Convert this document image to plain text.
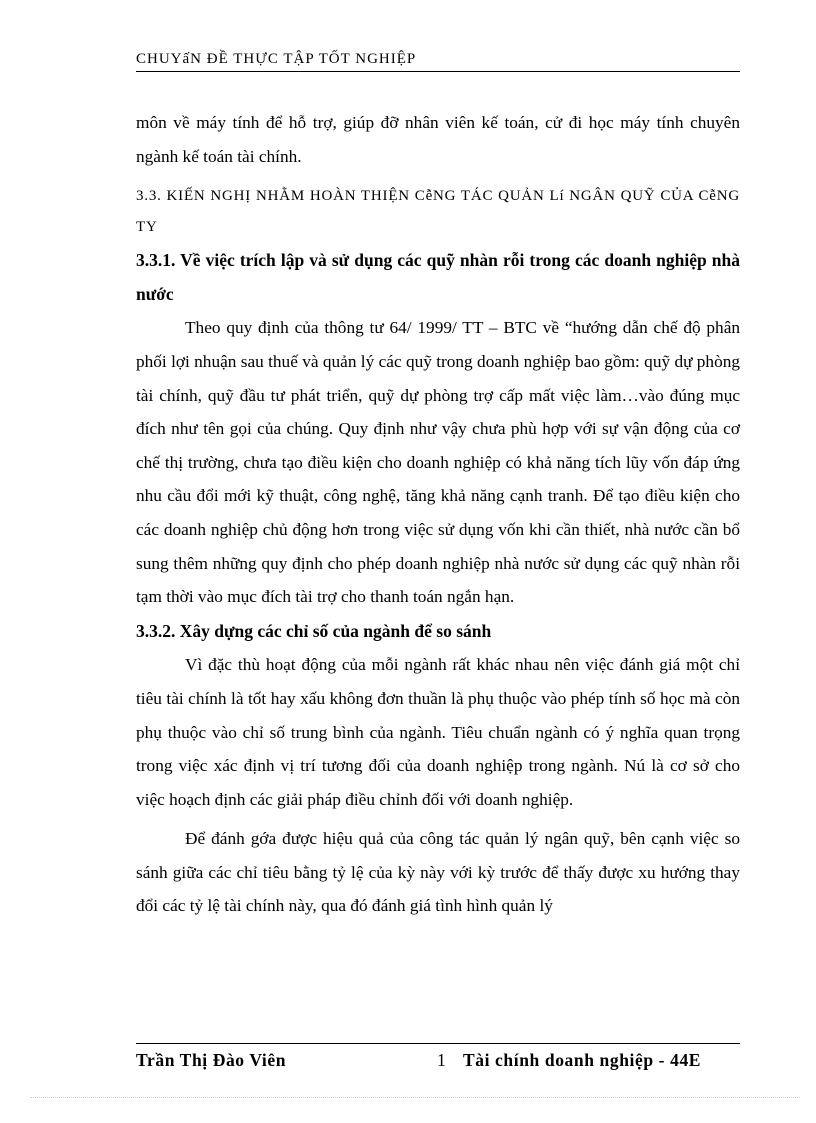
CHUYấN ĐỀ THỰC TẬP TỐT NGHIỆP

môn về máy tính để hỗ trợ, giúp đỡ nhân viên kế toán, cử đi học máy tính chuyên ngành kế toán tài chính.

3.3. KIẾN NGHỊ NHẰM HOÀN THIỆN CễNG TÁC QUẢN Lí NGÂN QUỸ CỦA CễNG TY

3.3.1. Về việc trích lập và sử dụng các quỹ nhàn rỗi trong các doanh nghiệp nhà nước

Theo quy định của thông tư 64/ 1999/ TT – BTC về “hướng dẫn chế độ phân phối lợi nhuận sau thuế và quản lý các quỹ trong doanh nghiệp bao gồm: quỹ dự phòng tài chính, quỹ đầu tư phát triển, quỹ dự phòng trợ cấp mất việc làm…vào đúng mục đích như tên gọi của chúng. Quy định như vậy chưa phù hợp với sự vận động của cơ chế thị trường, chưa tạo điều kiện cho doanh nghiệp có khả năng tích lũy vốn đáp ứng nhu cầu đổi mới kỹ thuật, công nghệ, tăng khả năng cạnh tranh. Để tạo điều kiện cho các doanh nghiệp chủ động hơn trong việc sử dụng vốn khi cần thiết, nhà nước cần bổ sung thêm những quy định cho phép doanh nghiệp nhà nước sử dụng các quỹ nhàn rỗi tạm thời vào mục đích tài trợ cho thanh toán ngắn hạn.

3.3.2. Xây dựng các chỉ số của ngành để so sánh

Vì đặc thù hoạt động của mỗi ngành rất khác nhau nên việc đánh giá một chỉ tiêu tài chính là tốt hay xấu không đơn thuần là phụ thuộc vào phép tính số học mà còn phụ thuộc vào chỉ số trung bình của ngành. Tiêu chuẩn ngành có ý nghĩa quan trọng trong việc xác định vị trí tương đối của doanh nghiệp trong ngành. Nú là cơ sở cho việc hoạch định các giải pháp điều chỉnh đối với doanh nghiệp.

Để đánh gớa được hiệu quả của công tác quản lý ngân quỹ, bên cạnh việc so sánh giữa các chỉ tiêu bằng tỷ lệ của kỳ này với kỳ trước để thấy được xu hướng thay đổi các tỷ lệ tài chính này, qua đó đánh giá tình hình quản lý

Trần Thị Đào Viên	1 Tài chính doanh nghiệp - 44E
